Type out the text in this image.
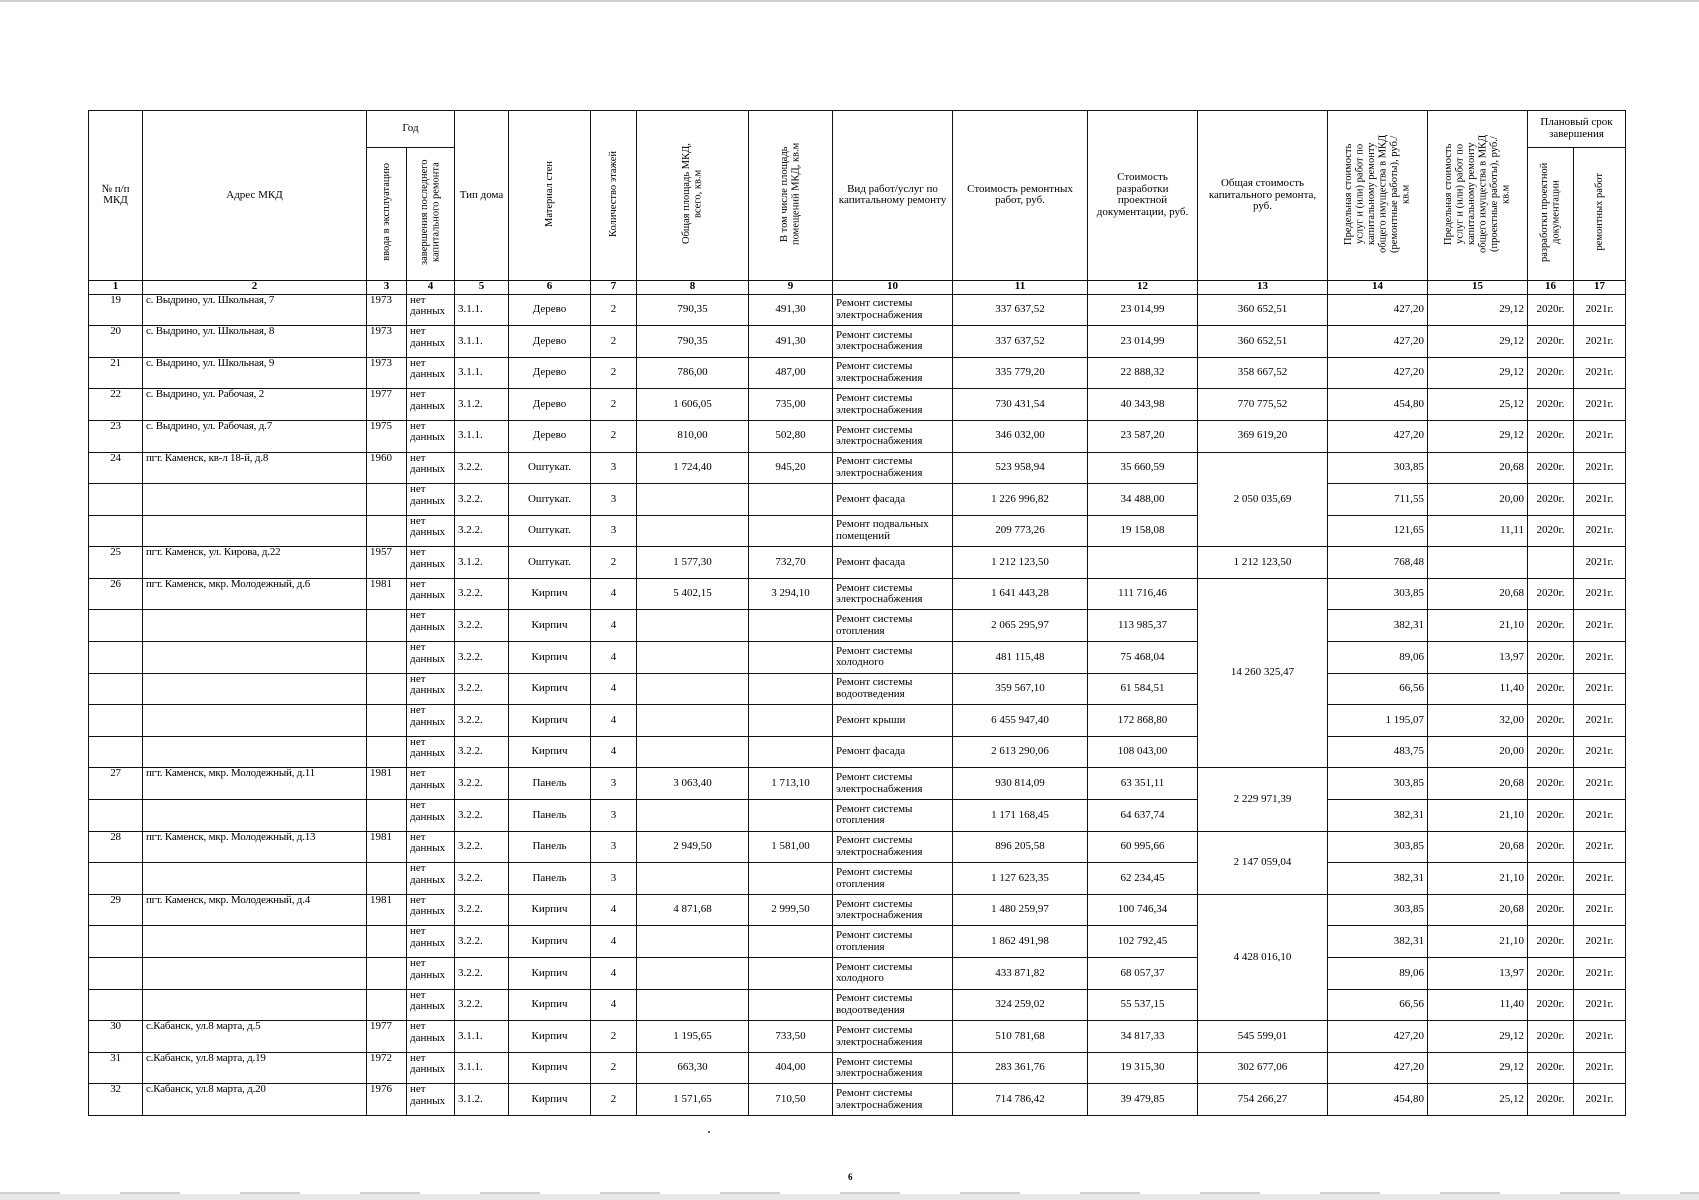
№ п/п МКД	Адрес МКД	Год		Тип дома	Материал стен	Количество этажей	Общая площадь МКД, всего, кв.м	В том числе площадь помещений МКД, кв.м	Вид работ/услуг по капитальному ремонту	Стоимость ремонтных работ, руб.	Стоимость разработки проектной документации, руб.	Общая стоимость капитального ремонта, руб.	Предельная стоимость услуг и (или) работ по капитальному ремонту общего имущества в МКД (ремонтные работы), руб./кв.м	Предельная стоимость услуг и (или) работ по капитальному ремонту общего имущества в МКД (проектные работы), руб./кв.м	Плановый срок завершения	
		ввода в эксплуатацию	завершения последнего капитального ремонта												разработки проектной документации	ремонтных работ
1	2	3	4	5	6	7	8	9	10	11	12	13	14	15	16	17
19	с. Выдрино, ул. Школьная, 7	1973	нет данных	3.1.1.	Дерево	2	790,35	491,30	Ремонт системы электроснабжения	337 637,52	23 014,99	360 652,51	427,20	29,12	2020г.	2021г.
20	с. Выдрино, ул. Школьная, 8	1973	нет данных	3.1.1.	Дерево	2	790,35	491,30	Ремонт системы электроснабжения	337 637,52	23 014,99	360 652,51	427,20	29,12	2020г.	2021г.
21	с. Выдрино, ул. Школьная, 9	1973	нет данных	3.1.1.	Дерево	2	786,00	487,00	Ремонт системы электроснабжения	335 779,20	22 888,32	358 667,52	427,20	29,12	2020г.	2021г.
22	с. Выдрино, ул. Рабочая, 2	1977	нет данных	3.1.2.	Дерево	2	1 606,05	735,00	Ремонт системы электроснабжения	730 431,54	40 343,98	770 775,52	454,80	25,12	2020г.	2021г.
23	с. Выдрино, ул. Рабочая, д.7	1975	нет данных	3.1.1.	Дерево	2	810,00	502,80	Ремонт системы электроснабжения	346 032,00	23 587,20	369 619,20	427,20	29,12	2020г.	2021г.
24	пгт. Каменск, кв-л 18-й, д.8	1960	нет данных	3.2.2.	Оштукат.	3	1 724,40	945,20	Ремонт системы электроснабжения	523 958,94	35 660,59	2 050 035,69	303,85	20,68	2020г.	2021г.
			нет данных	3.2.2.	Оштукат.	3			Ремонт фасада	1 226 996,82	34 488,00		711,55	20,00	2020г.	2021г.
			нет данных	3.2.2.	Оштукат.	3			Ремонт подвальных помещений	209 773,26	19 158,08		121,65	11,11	2020г.	2021г.
25	пгт. Каменск, ул. Кирова, д.22	1957	нет данных	3.1.2.	Оштукат.	2	1 577,30	732,70	Ремонт фасада	1 212 123,50		1 212 123,50	768,48			2021г.
26	пгт. Каменск, мкр. Молодежный, д.6	1981	нет данных	3.2.2.	Кирпич	4	5 402,15	3 294,10	Ремонт системы электроснабжения	1 641 443,28	111 716,46	14 260 325,47	303,85	20,68	2020г.	2021г.
			нет данных	3.2.2.	Кирпич	4			Ремонт системы отопления	2 065 295,97	113 985,37		382,31	21,10	2020г.	2021г.
			нет данных	3.2.2.	Кирпич	4			Ремонт системы холодного	481 115,48	75 468,04		89,06	13,97	2020г.	2021г.
			нет данных	3.2.2.	Кирпич	4			Ремонт системы водоотведения	359 567,10	61 584,51		66,56	11,40	2020г.	2021г.
			нет данных	3.2.2.	Кирпич	4			Ремонт крыши	6 455 947,40	172 868,80		1 195,07	32,00	2020г.	2021г.
			нет данных	3.2.2.	Кирпич	4			Ремонт фасада	2 613 290,06	108 043,00		483,75	20,00	2020г.	2021г.
27	пгт. Каменск, мкр. Молодежный, д.11	1981	нет данных	3.2.2.	Панель	3	3 063,40	1 713,10	Ремонт системы электроснабжения	930 814,09	63 351,11	2 229 971,39	303,85	20,68	2020г.	2021г.
			нет данных	3.2.2.	Панель	3			Ремонт системы отопления	1 171 168,45	64 637,74		382,31	21,10	2020г.	2021г.
28	пгт. Каменск, мкр. Молодежный, д.13	1981	нет данных	3.2.2.	Панель	3	2 949,50	1 581,00	Ремонт системы электроснабжения	896 205,58	60 995,66	2 147 059,04	303,85	20,68	2020г.	2021г.
			нет данных	3.2.2.	Панель	3			Ремонт системы отопления	1 127 623,35	62 234,45		382,31	21,10	2020г.	2021г.
29	пгт. Каменск, мкр. Молодежный, д.4	1981	нет данных	3.2.2.	Кирпич	4	4 871,68	2 999,50	Ремонт системы электроснабжения	1 480 259,97	100 746,34	4 428 016,10	303,85	20,68	2020г.	2021г.
			нет данных	3.2.2.	Кирпич	4			Ремонт системы отопления	1 862 491,98	102 792,45		382,31	21,10	2020г.	2021г.
			нет данных	3.2.2.	Кирпич	4			Ремонт системы холодного	433 871,82	68 057,37		89,06	13,97	2020г.	2021г.
			нет данных	3.2.2.	Кирпич	4			Ремонт системы водоотведения	324 259,02	55 537,15		66,56	11,40	2020г.	2021г.
30	с.Кабанск, ул.8 марта, д.5	1977	нет данных	3.1.1.	Кирпич	2	1 195,65	733,50	Ремонт системы электроснабжения	510 781,68	34 817,33	545 599,01	427,20	29,12	2020г.	2021г.
31	с.Кабанск, ул.8 марта, д.19	1972	нет данных	3.1.1.	Кирпич	2	663,30	404,00	Ремонт системы электроснабжения	283 361,76	19 315,30	302 677,06	427,20	29,12	2020г.	2021г.
32	с.Кабанск, ул.8 марта, д.20	1976	нет данных	3.1.2.	Кирпич	2	1 571,65	710,50	Ремонт системы электроснабжения	714 786,42	39 479,85	754 266,27	454,80	25,12	2020г.	2021г.
6
